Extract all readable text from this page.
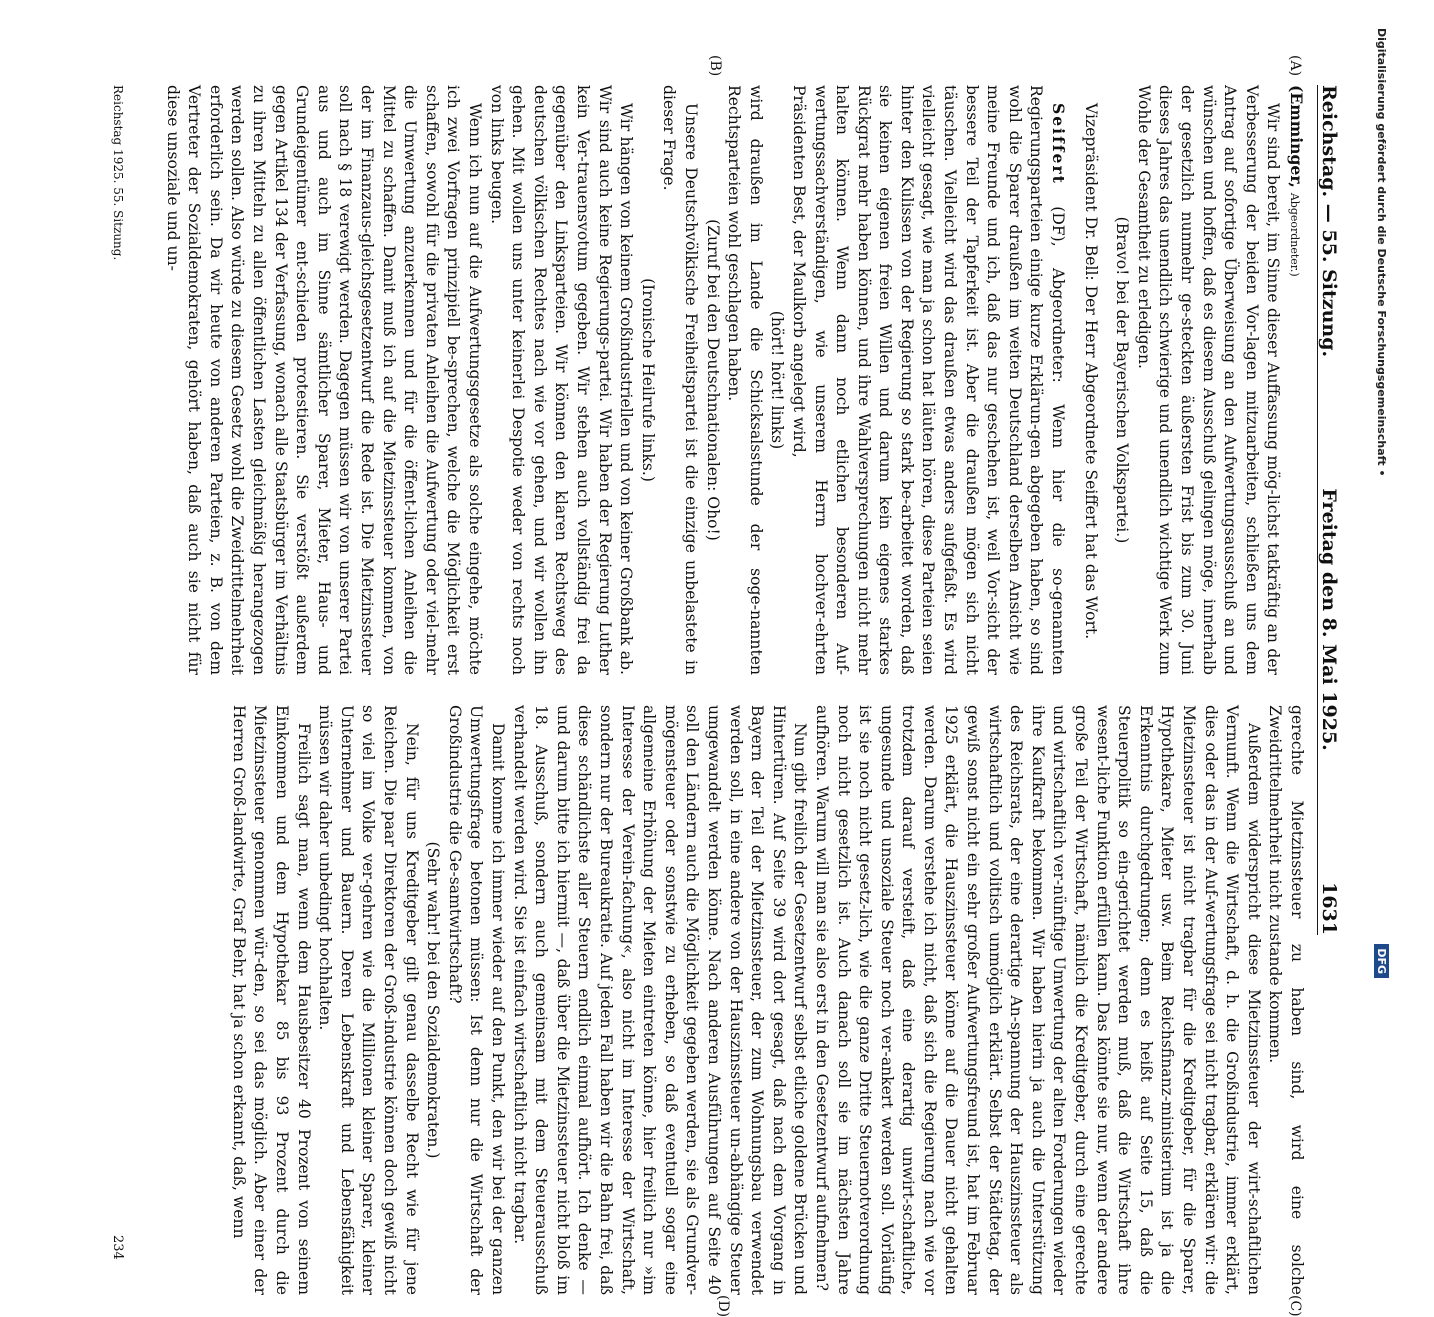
Reichstag. — 55. Sitzung.
Freitag den 8. Mai 1925.
1631
(A)
(B)
(C)
(D)

(Emminger, Abgeordneter.)

Wir sind bereit, im Sinne dieser Auffassung mög-lichst tatkräftig an der Verbesserung der beiden Vor-lagen mitzuarbeiten, schließen uns dem Antrag auf sofortige Überweisung an den Aufwertungsausschuß an und wünschen und hoffen, daß es diesem Ausschuß gelingen möge, innerhalb der gesetzlich nunmehr ge-steckten äußersten Frist bis zum 30. Juni dieses Jahres das unendlich schwierige und unendlich wichtige Werk zum Wohle der Gesamtheit zu erledigen.

(Bravo! bei der Bayerischen Volkspartei.)

Vizepräsident Dr. Bell: Der Herr Abgeordnete Seiffert hat das Wort.

Seiffert (DF), Abgeordneter: Wenn hier die so-genannten Regierungsparteien einige kurze Erklärun-gen abgegeben haben, so sind wohl die Sparer draußen im weiten Deutschland derselben Ansicht wie meine Freunde und ich, daß das nur geschehen ist, weil Vor-sicht der bessere Teil der Tapferkeit ist. Aber die draußen mögen sich nicht täuschen. Vielleicht wird das draußen etwas anders aufgefaßt. Es wird vielleicht gesagt, wie man ja schon hat läuten hören, diese Parteien seien hinter den Kulissen von der Regierung so stark be-arbeitet worden, daß sie keinen eigenen freien Willen und darum kein eigenes starkes Rückgrat mehr haben können, und ihre Wahlversprechungen nicht mehr halten können. Wenn dann noch etlichen besonderen Auf-wertungssachverständigen, wie unserem Herrn hochver-ehrten Präsidenten Best, der Maulkorb angelegt wird,

(hört! hört! links)

wird draußen im Lande die Schicksalsstunde der soge-nannten Rechtsparteien wohl geschlagen haben.

(Zuruf bei den Deutschnationalen: Oho!)

Unsere Deutschvölkische Freiheitspartei ist die einzige unbelastete in dieser Frage.

(Ironische Heilrufe links.)

Wir hängen von keinem Großindustriellen und von keiner Großbank ab. Wir sind auch keine Regierungs-partei. Wir haben der Regierung Luther kein Ver-trauensvotum gegeben. Wir stehen auch vollständig frei da gegenüber den Linksparteien. Wir können den klaren Rechtsweg des deutschen völkischen Rechtes nach wie vor gehen, und wir wollen ihn gehen. Mit wollen uns unter keinerlei Despotie weder von rechts noch von links beugen.

Wenn ich nun auf die Aufwertungsgesetze als solche eingehe, möchte ich zwei Vorfragen prinzipiell be-sprechen, welche die Möglichkeit erst schaffen, sowohl für die privaten Anleihen die Aufwertung oder viel-mehr die Umwertung anzuerkennen und für die öffent-lichen Anleihen die Mittel zu schaffen. Damit muß ich auf die Mietzinssteuer kommen, von der im Finanzaus-gleichsgesetzentwurf die Rede ist. Die Mietzinssteuer soll nach § 18 verewigt werden. Dagegen müssen wir von unserer Partei aus und auch im Sinne sämtlicher Sparer, Mieter, Haus- und Grundeigentümer ent-schieden protestieren. Sie verstößt außerdem gegen Artikel 134 der Verfassung, wonach alle Staatsbürger im Verhältnis zu ihren Mitteln zu allen öffentlichen Lasten gleichmäßig herangezogen werden sollen. Also würde zu diesem Gesetz wohl die Zweidrittelmehrheit erforderlich sein. Da wir heute von anderen Parteien, z. B. von dem Vertreter der Sozialdemokraten, gehört haben, daß auch sie nicht für diese unsoziale und un-

gerechte Mietzinssteuer zu haben sind, wird eine solche Zweidrittelmehrheit nicht zustande kommen.

Außerdem widerspricht diese Mietzinssteuer der wirt-schaftlichen Vernunft. Wenn die Wirtschaft, d. h. die Großindustrie, immer erklärt, dies oder das in der Auf-wertungsfrage sei nicht tragbar, erklären wir: die Mietzinssteuer ist nicht tragbar für die Kreditgeber, für die Sparer, Hypothekare, Mieter usw. Beim Reichsfinanz-ministerium ist ja die Erkenntnis durchgedrungen; denn es heißt auf Seite 15, daß die Steuerpolitik so ein-gerichtet werden muß, daß die Wirtschaft ihre wesent-liche Funktion erfüllen kann. Das könnte sie nur, wenn der andere große Teil der Wirtschaft, nämlich die Kreditgeber, durch eine gerechte und wirtschaftlich ver-nünftige Umwertung der alten Forderungen wieder ihre Kaufkraft bekommen. Wir haben hierin ja auch die Unterstützung des Reichsrats, der eine derartige An-spannung der Hauszinssteuer als wirtschaftlich und volitisch unmöglich erklärt. Selbst der Städtetag, der gewiß sonst nicht ein sehr großer Aufwertungsfreund ist, hat im Februar 1925 erklärt, die Hauszinssteuer könne auf die Dauer nicht gehalten werden. Darum verstehe ich nicht, daß sich die Regierung nach wie vor trotzdem darauf versteift, daß eine derartig unwirt-schaftliche, ungesunde und unsoziale Steuer noch ver-ankert werden soll. Vorläufig ist sie noch nicht gesetz-lich, wie die ganze Dritte Steuernotverordnung noch nicht gesetzlich ist. Auch danach soll sie im nächsten Jahre aufhören. Warum will man sie also erst in den Gesetzentwurf aufnehmen?

Nun gibt freilich der Gesetzentwurf selbst etliche goldene Brücken und Hintertüren. Auf Seite 39 wird dort gesagt, daß nach dem Vorgang in Bayern der Teil der Mietzinssteuer, der zum Wohnungsbau verwendet werden soll, in eine andere von der Hauszinssteuer un-abhängige Steuer umgewandelt werden könne. Nach anderen Ausführungen auf Seite 40 soll den Ländern auch die Möglichkeit gegeben werden, sie als Grundver-mögensteuer oder sonstwie zu erheben, so daß eventuell sogar eine allgemeine Erhöhung der Mieten eintreten könne, hier freilich nur »im Interesse der Verein-fachung«, also nicht im Interesse der Wirtschaft, sondern nur der Bureaukratie. Auf jeden Fall haben wir die Bahn frei, daß diese schändlichste aller Steuern endlich einmal aufhört. Ich denke — und darum bitte ich hiermit —, daß über die Mietzinssteuer nicht bloß im 18. Ausschuß, sondern auch gemeinsam mit dem Steuerausschuß verhandelt werden wird. Sie ist einfach wirtschaftlich nicht tragbar.

Damit komme ich immer wieder auf den Punkt, den wir bei der ganzen Umwertungsfrage betonen müssen: Ist denn nur die Wirtschaft der Großindustrie die Ge-samtwirtschaft?

(Sehr wahr! bei den Sozialdemokraten.)

Nein, für uns Kreditgeber gilt genau dasselbe Recht wie für jene Reichen. Die paar Direktoren der Groß-industrie können doch gewiß nicht so viel im Volke ver-gehren wie die Millionen kleiner Sparer, kleiner Unternehmer und Bauern. Deren Lebenskraft und Lebensfähigkeit müssen wir daher unbedingt hochhalten.

Freilich sagt man, wenn dem Hausbesitzer 40 Prozent von seinem Einkommen und dem Hypothekar 85 bis 93 Prozent durch die Mietzinssteuer genommen wür-den, so sei das möglich. Aber einer der Herren Groß-landwirte, Graf Behr, hat ja schon erkannt, daß, wenn

Reichstag 1925. 55. Sitzung.
234
Digitalisierung gefördert durch die Deutsche Forschungsgemeinschaft •
DFG
